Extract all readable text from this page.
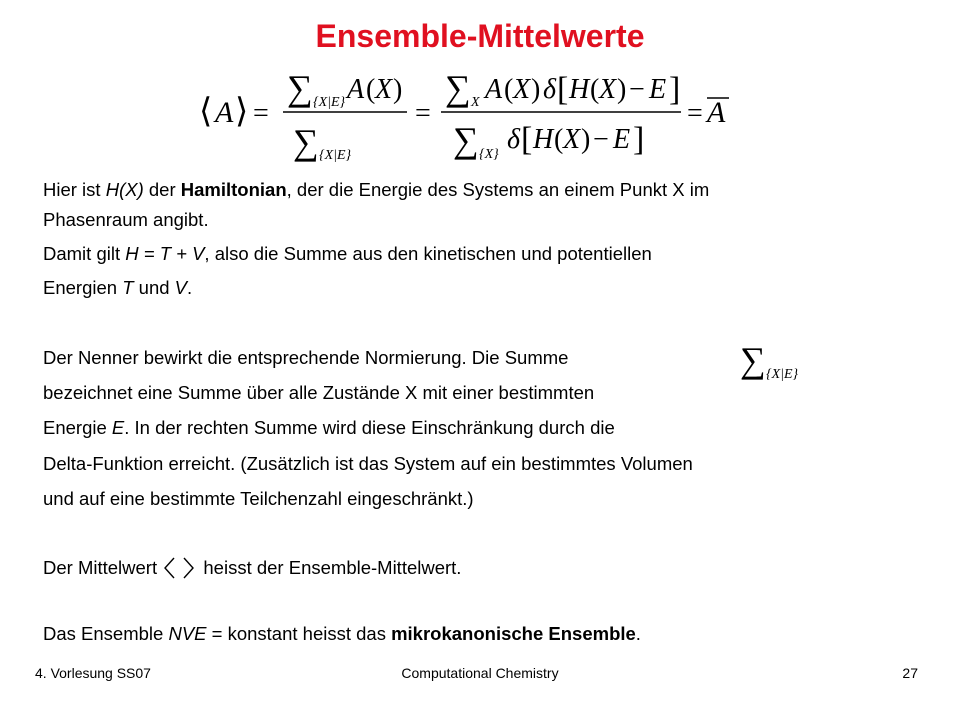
Ensemble-Mittelwerte
⟨ A ⟩ =
∑ {X|E} A ( X )
∑ {X|E}
=
∑ X A ( X ) δ [ H ( X ) − E ]
∑ {X} δ [ H ( X ) − E ]
= A
Hier ist H(X) der Hamiltonian, der die Energie des Systems an einem Punkt X im
Phasenraum angibt.
Damit gilt H = T + V, also die Summe aus den kinetischen und potentiellen
Energien T und V.
Der Nenner bewirkt die entsprechende Normierung. Die Summe	∑ {X|E}
bezeichnet eine Summe über alle Zustände X mit einer bestimmten
Energie E. In der rechten Summe wird diese Einschränkung durch die
Delta-Funktion erreicht. (Zusätzlich ist das System auf ein bestimmtes Volumen
und auf eine bestimmte Teilchenzahl eingeschränkt.)
Der Mittelwert  heisst der Ensemble-Mittelwert.
Das Ensemble NVE = konstant heisst das mikrokanonische Ensemble.
4. Vorlesung SS07	Computational Chemistry	27
